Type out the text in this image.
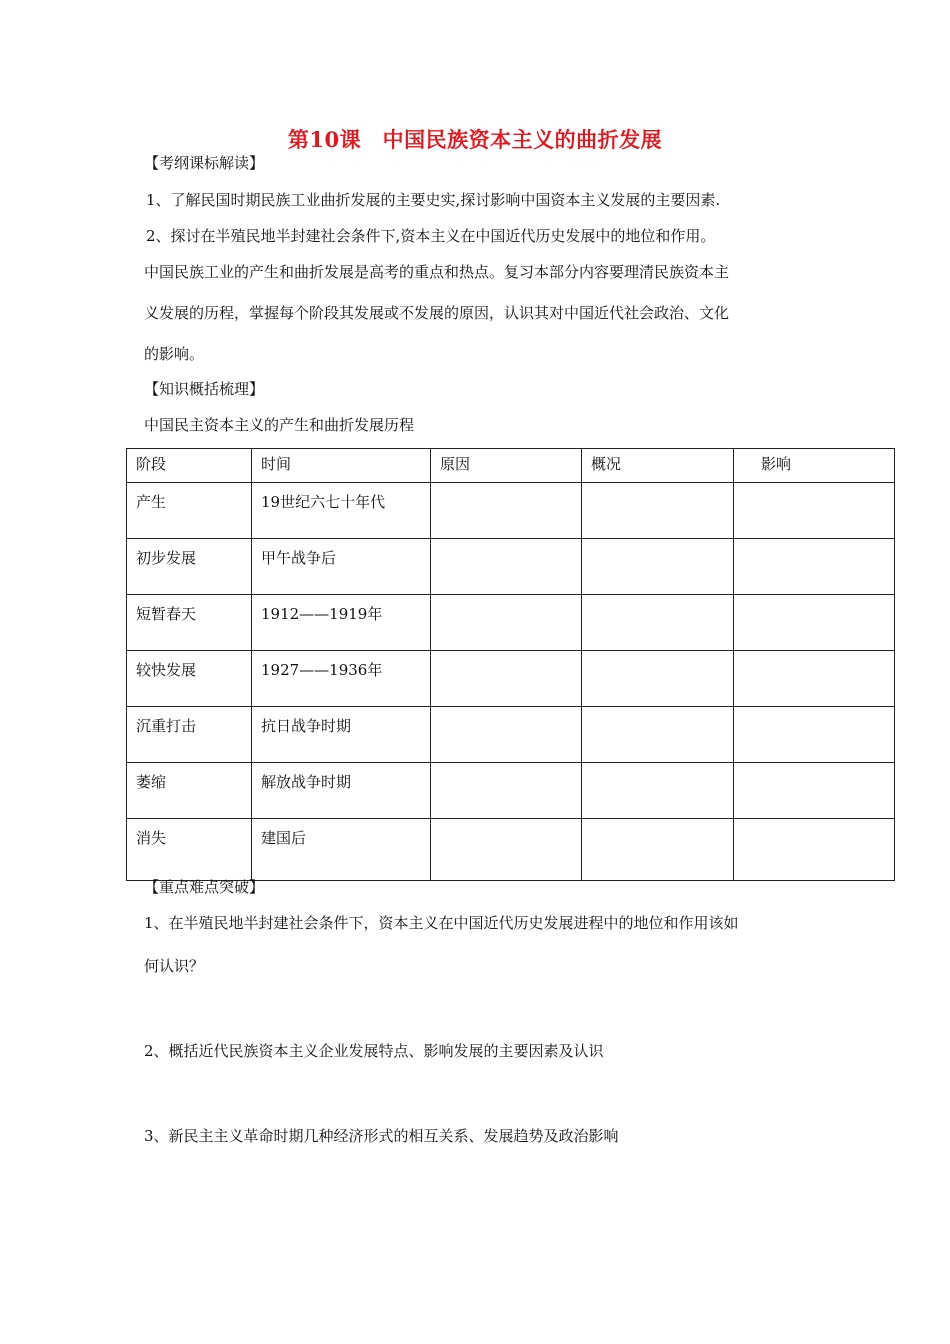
第10课　中国民族资本主义的曲折发展
【考纲课标解读】
1、了解民国时期民族工业曲折发展的主要史实,探讨影响中国资本主义发展的主要因素.
2、探讨在半殖民地半封建社会条件下,资本主义在中国近代历史发展中的地位和作用。
中国民族工业的产生和曲折发展是高考的重点和热点。复习本部分内容要理清民族资本主
义发展的历程，掌握每个阶段其发展或不发展的原因，认识其对中国近代社会政治、文化
的影响。
【知识概括梳理】
中国民主资本主义的产生和曲折发展历程
阶段	时间	原因	概况	影响
产生	19世纪六七十年代			
初步发展	甲午战争后			
短暂春天	1912——1919年			
较快发展	1927——1936年			
沉重打击	抗日战争时期			
萎缩	解放战争时期			
消失	建国后			
【重点难点突破】
1、在半殖民地半封建社会条件下，资本主义在中国近代历史发展进程中的地位和作用该如
何认识？
2、概括近代民族资本主义企业发展特点、影响发展的主要因素及认识
3、新民主主义革命时期几种经济形式的相互关系、发展趋势及政治影响
